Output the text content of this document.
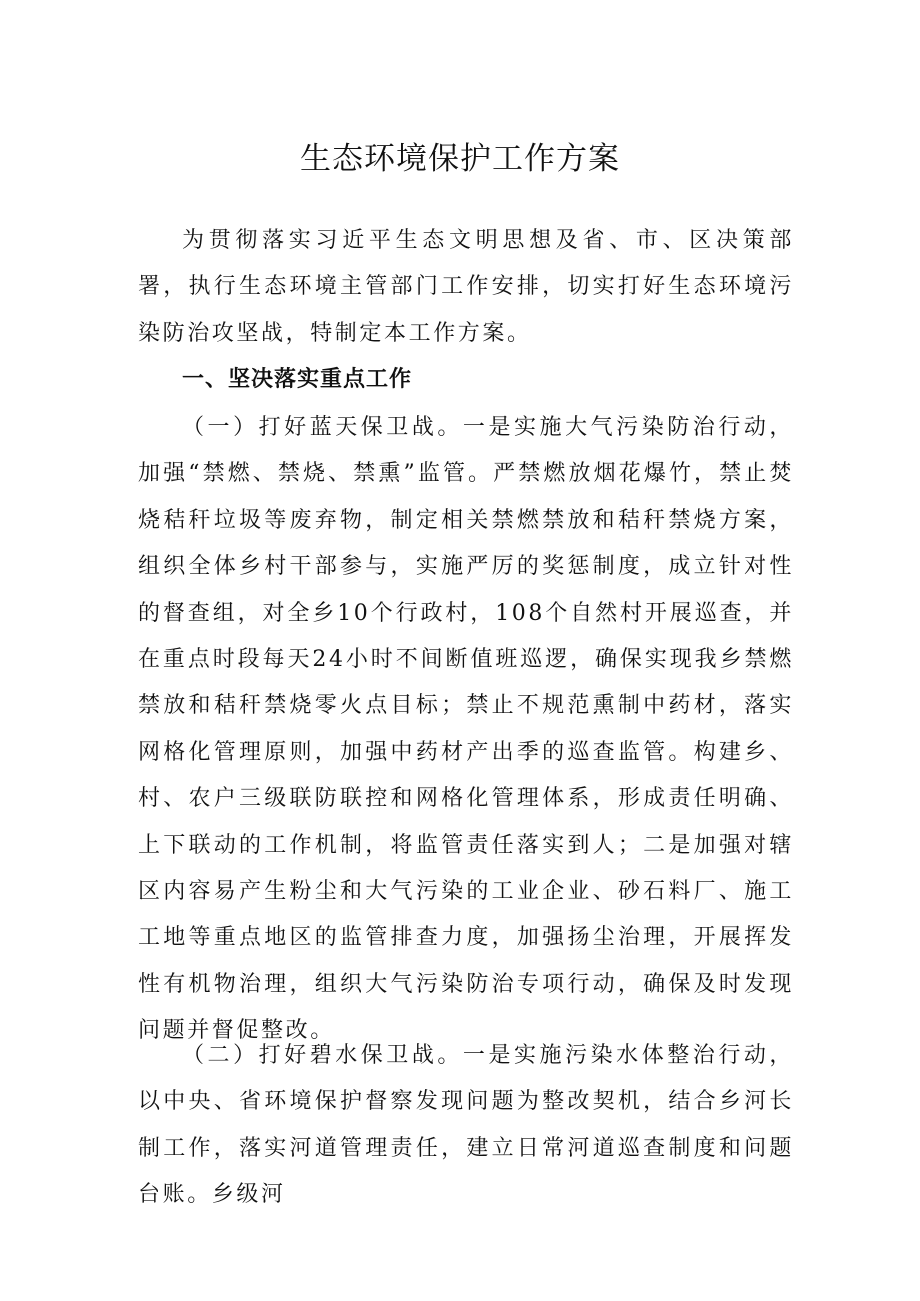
生态环境保护工作方案

为贯彻落实习近平生态文明思想及省、市、区决策部署，执行生态环境主管部门工作安排，切实打好生态环境污染防治攻坚战，特制定本工作方案。

一、坚决落实重点工作

（一）打好蓝天保卫战。一是实施大气污染防治行动，加强“禁燃、禁烧、禁熏”监管。严禁燃放烟花爆竹，禁止焚烧秸秆垃圾等废弃物，制定相关禁燃禁放和秸秆禁烧方案，组织全体乡村干部参与，实施严厉的奖惩制度，成立针对性的督查组，对全乡10个行政村，108个自然村开展巡查，并在重点时段每天24小时不间断值班巡逻，确保实现我乡禁燃禁放和秸秆禁烧零火点目标；禁止不规范熏制中药材，落实网格化管理原则，加强中药材产出季的巡查监管。构建乡、村、农户三级联防联控和网格化管理体系，形成责任明确、上下联动的工作机制，将监管责任落实到人；二是加强对辖区内容易产生粉尘和大气污染的工业企业、砂石料厂、施工工地等重点地区的监管排查力度，加强扬尘治理，开展挥发性有机物治理，组织大气污染防治专项行动，确保及时发现问题并督促整改。

（二）打好碧水保卫战。一是实施污染水体整治行动，以中央、省环境保护督察发现问题为整改契机，结合乡河长制工作，落实河道管理责任，建立日常河道巡查制度和问题台账。乡级河
